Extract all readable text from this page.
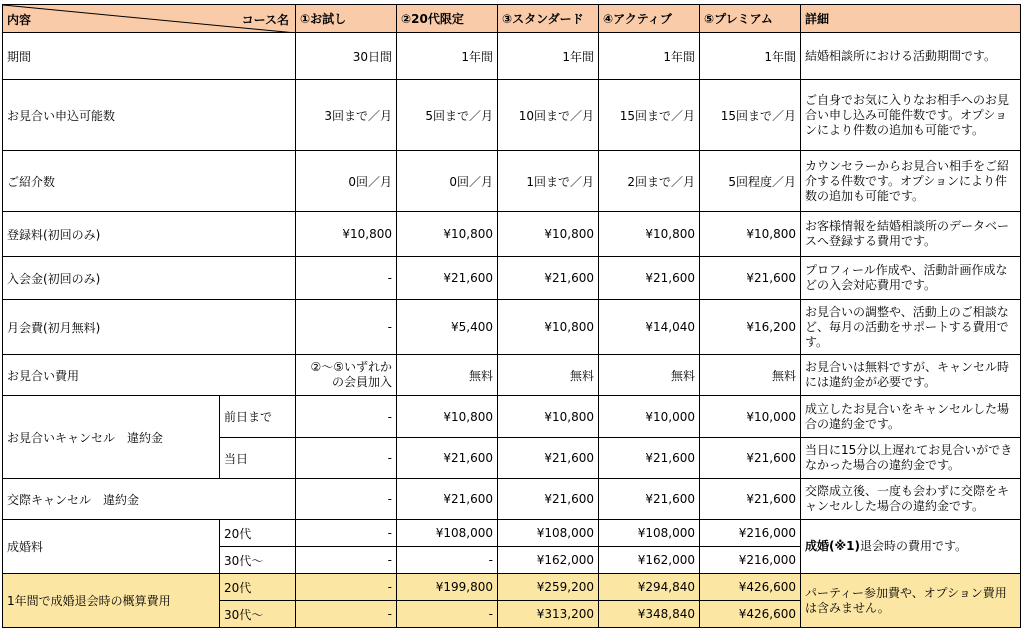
内容 コース名		①お試し	②20代限定	③スタンダード	④アクティブ	⑤プレミアム	詳細
期間		30日間	1年間	1年間	1年間	1年間	結婚相談所における活動期間です。
お見合い申込可能数		3回まで／月	5回まで／月	10回まで／月	15回まで／月	15回まで／月	ご自身でお気に入りなお相手へのお見合い申し込み可能件数です。オプションにより件数の追加も可能です。
ご紹介数		0回／月	0回／月	1回まで／月	2回まで／月	5回程度／月	カウンセラーからお見合い相手をご紹介する件数です。オプションにより件数の追加も可能です。
登録料(初回のみ)		¥10,800	¥10,800	¥10,800	¥10,800	¥10,800	お客様情報を結婚相談所のデータベースへ登録する費用です。
入会金(初回のみ)		-	¥21,600	¥21,600	¥21,600	¥21,600	プロフィール作成や、活動計画作成などの入会対応費用です。
月会費(初月無料)		-	¥5,400	¥10,800	¥14,040	¥16,200	お見合いの調整や、活動上のご相談など、毎月の活動をサポートする費用です。
お見合い費用		②～⑤いずれかの会員加入	無料	無料	無料	無料	お見合いは無料ですが、キャンセル時には違約金が必要です。
お見合いキャンセル　違約金	前日まで	-	¥10,800	¥10,800	¥10,000	¥10,000	成立したお見合いをキャンセルした場合の違約金です。
	当日	-	¥21,600	¥21,600	¥21,600	¥21,600	当日に15分以上遅れてお見合いができなかった場合の違約金です。
交際キャンセル　違約金		-	¥21,600	¥21,600	¥21,600	¥21,600	交際成立後、一度も会わずに交際をキャンセルした場合の違約金です。
成婚料	20代	-	¥108,000	¥108,000	¥108,000	¥216,000	成婚(※1)退会時の費用です。
	30代～	-	-	¥162,000	¥162,000	¥216,000	
1年間で成婚退会時の概算費用	20代	-	¥199,800	¥259,200	¥294,840	¥426,600	パーティー参加費や、オプション費用は含みません。
	30代～	-	-	¥313,200	¥348,840	¥426,600	
